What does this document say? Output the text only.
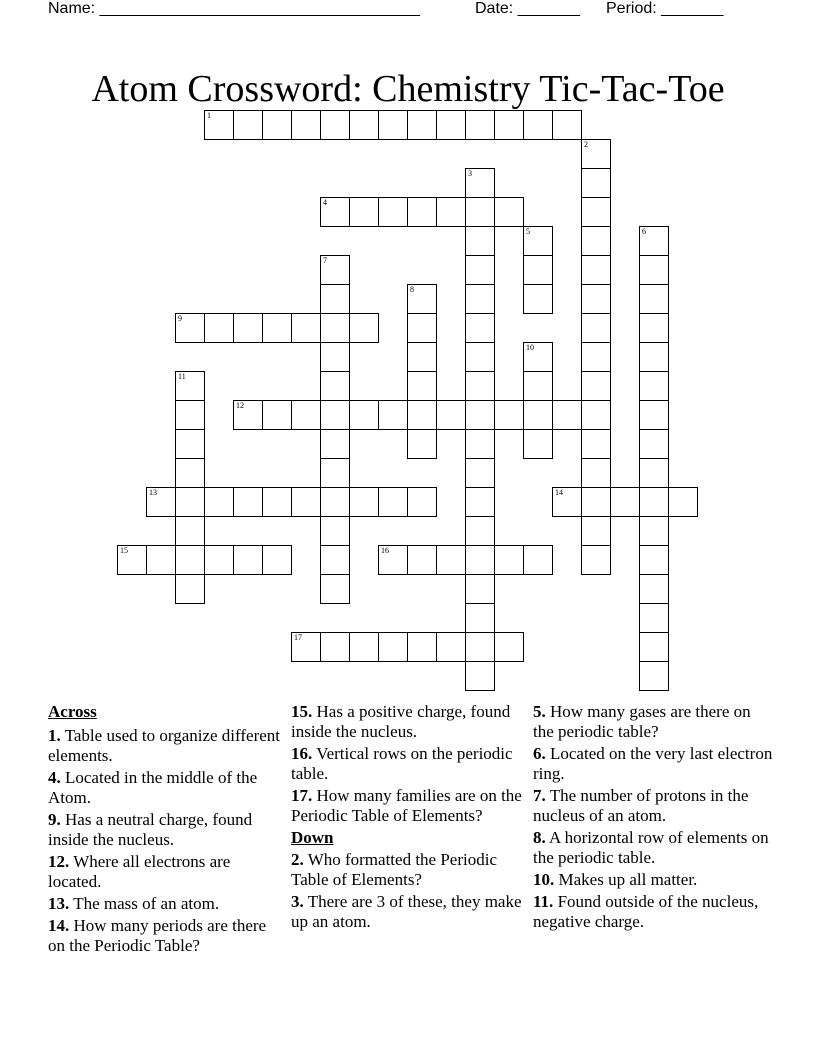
Name: ____________________________________	Date: _______ Period: _______
Atom Crossword: Chemistry Tic-Tac-Toe
1
2
3
4
5	6
7
8
9
10
11
12
13	14
15	16
17
Across
1. Table used to organize different elements.
4. Located in the middle of the Atom.
9. Has a neutral charge, found inside the nucleus.
12. Where all electrons are located.
13. The mass of an atom.
14. How many periods are there on the Periodic Table?
15. Has a positive charge, found inside the nucleus.
16. Vertical rows on the periodic table.
17. How many families are on the Periodic Table of Elements?
Down
2. Who formatted the Periodic Table of Elements?
3. There are 3 of these, they make up an atom.
5. How many gases are there on the periodic table?
6. Located on the very last electron ring.
7. The number of protons in the nucleus of an atom.
8. A horizontal row of elements on the periodic table.
10. Makes up all matter.
11. Found outside of the nucleus, negative charge.
